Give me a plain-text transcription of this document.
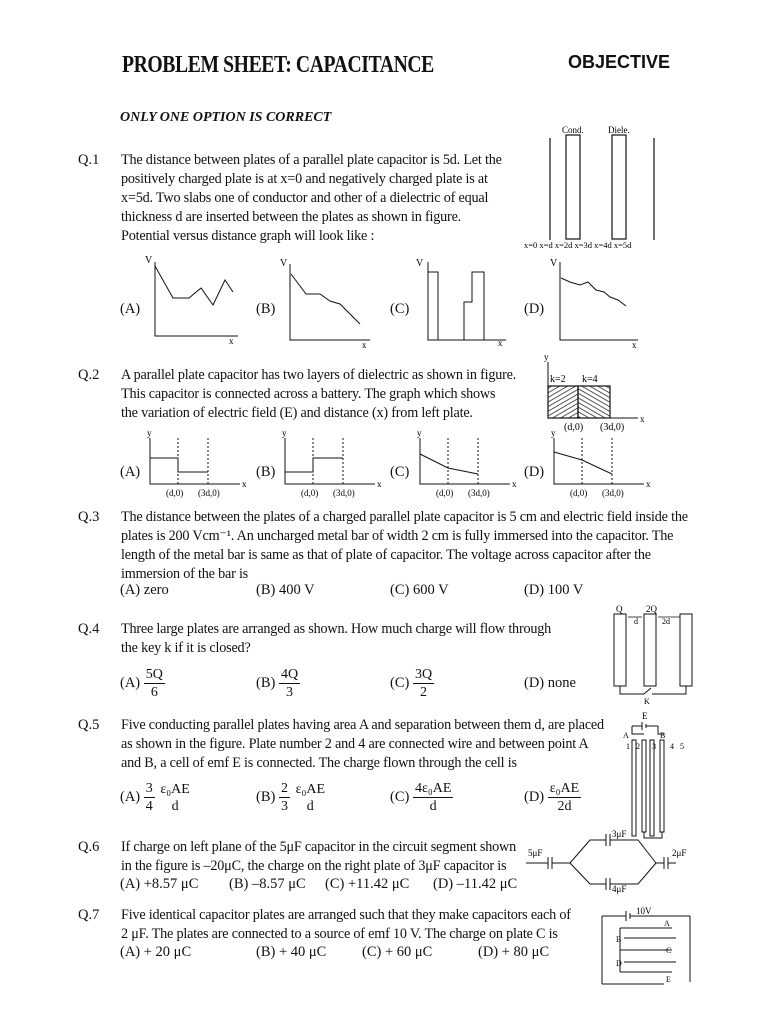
PROBLEM SHEET: CAPACITANCE	OBJECTIVE
ONLY ONE OPTION IS CORRECT
Q.1 The distance between plates of a parallel plate capacitor is 5d. Let the
positively charged plate is at x=0 and negatively charged plate is at
x=5d. Two slabs one of conductor and other of a dielectric of equal
thickness d are inserted between the plates as shown in figure.
Potential versus distance graph will look like :
Cond.	Diele.
x=0 x=d x=2d x=3d x=4d x=5d
(A)
V
x
(B)
V
x
(C)
V
x
(D)
V
x
Q.2 A parallel plate capacitor has two layers of dielectric as shown in figure.
This capacitor is connected across a battery. The graph which shows
the variation of electric field (E) and distance (x) from left plate.
y
x
k=2 k=4
(d,0) (3d,0)
(A)
y
x
(d,0) (3d,0)
(B)
y
x
(d,0) (3d,0)
(C)
y
x
(d,0) (3d,0)
(D)
y
x
(d,0) (3d,0)
Q.3 The distance between the plates of a charged parallel plate capacitor is 5 cm and electric field inside the
plates is 200 Vcm⁻¹. An uncharged metal bar of width 2 cm is fully immersed into the capacitor. The
length of the metal bar is same as that of plate of capacitor. The voltage across capacitor after the
immersion of the bar is
(A) zero	(B) 400 V	(C) 600 V	(D) 100 V
Q.4 Three large plates are arranged as shown. How much charge will flow through
the key k if it is closed?
$(A) \frac{5Q}{6}$	$(B) \frac{4Q}{3}$	$(C) \frac{3Q}{2}$	(D) none
Q	2Q
d	2d
K
Q.5 Five conducting parallel plates having area A and separation between them d, are placed
as shown in the figure. Plate number 2 and 4 are connected wire and between point A
and B, a cell of emf E is connected. The charge flown through the cell is
$(A) \frac{3}{4}$
ε₀AE
d
$(B) \frac{2}{3}$
ε₀AE
d
$(C) \frac{\text{4ε₀AE}}{d}$	$(D) \frac{\text{ε₀AE}}{2d}$
E
A	B
1 2 3 4 5
Q.6 If charge on left plane of the 5μF capacitor in the circuit segment shown
in the figure is –20μC, the charge on the right plate of 3μF capacitor is
(A) +8.57 μC (B) –8.57 μC (C) +11.42 μC (D) –11.42 μC
5μF
3μF
4μF
2μF
Q.7 Five identical capacitor plates are arranged such that they make capacitors each of
2 μF. The plates are connected to a source of emf 10 V. The charge on plate C is
(A) + 20 μC	(B) + 40 μC (C) + 60 μC	(D) + 80 μC
10V
A
B
C
D
E
